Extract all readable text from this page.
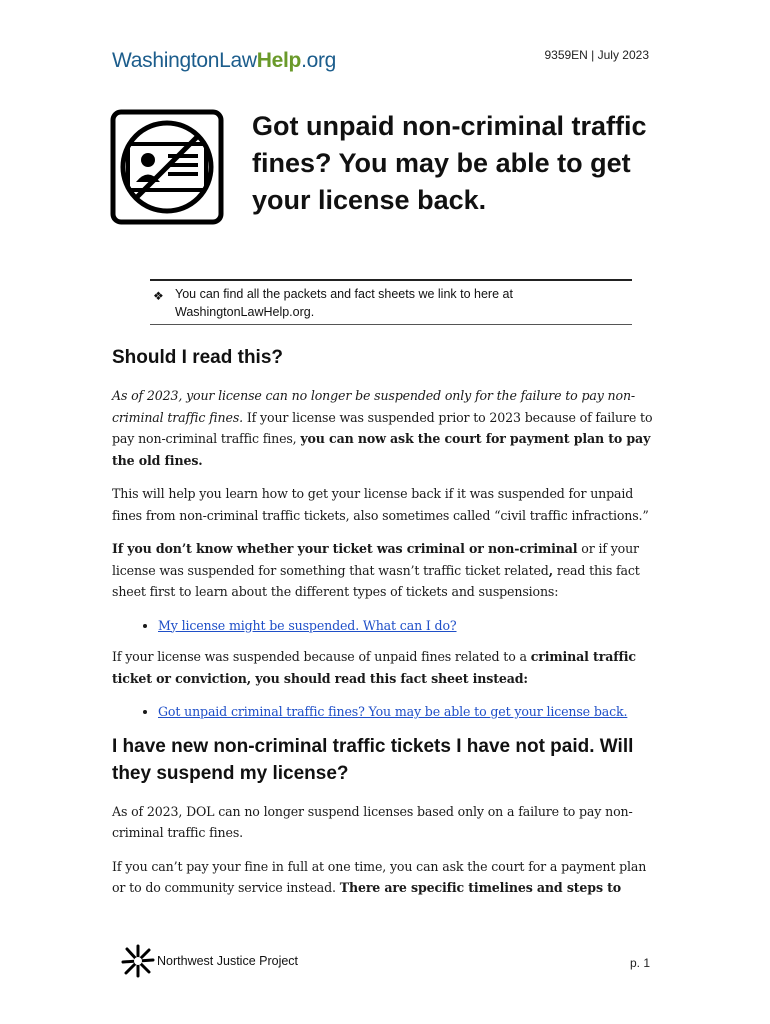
WashingtonLawHelp.org	9359EN | July 2023
Got unpaid non-criminal traffic fines? You may be able to get your license back.
❖ You can find all the packets and fact sheets we link to here at
WashingtonLawHelp.org.
Should I read this?

As of 2023, your license can no longer be suspended only for the failure to pay non-criminal traffic fines. If your license was suspended prior to 2023 because of failure to pay non-criminal traffic fines, you can now ask the court for payment plan to pay the old fines.

This will help you learn how to get your license back if it was suspended for unpaid fines from non-criminal traffic tickets, also sometimes called “civil traffic infractions.”

If you don’t know whether your ticket was criminal or non-criminal or if your license was suspended for something that wasn’t traffic ticket related, read this fact sheet first to learn about the different types of tickets and suspensions:

• My license might be suspended. What can I do?

If your license was suspended because of unpaid fines related to a criminal traffic ticket or conviction, you should read this fact sheet instead:

• Got unpaid criminal traffic fines? You may be able to get your license back.
I have new non-criminal traffic tickets I have not paid. Will they suspend my license?

As of 2023, DOL can no longer suspend licenses based only on a failure to pay non-criminal traffic fines.

If you can’t pay your fine in full at one time, you can ask the court for a payment plan or to do community service instead. There are specific timelines and steps to

Northwest Justice Project	p. 1
